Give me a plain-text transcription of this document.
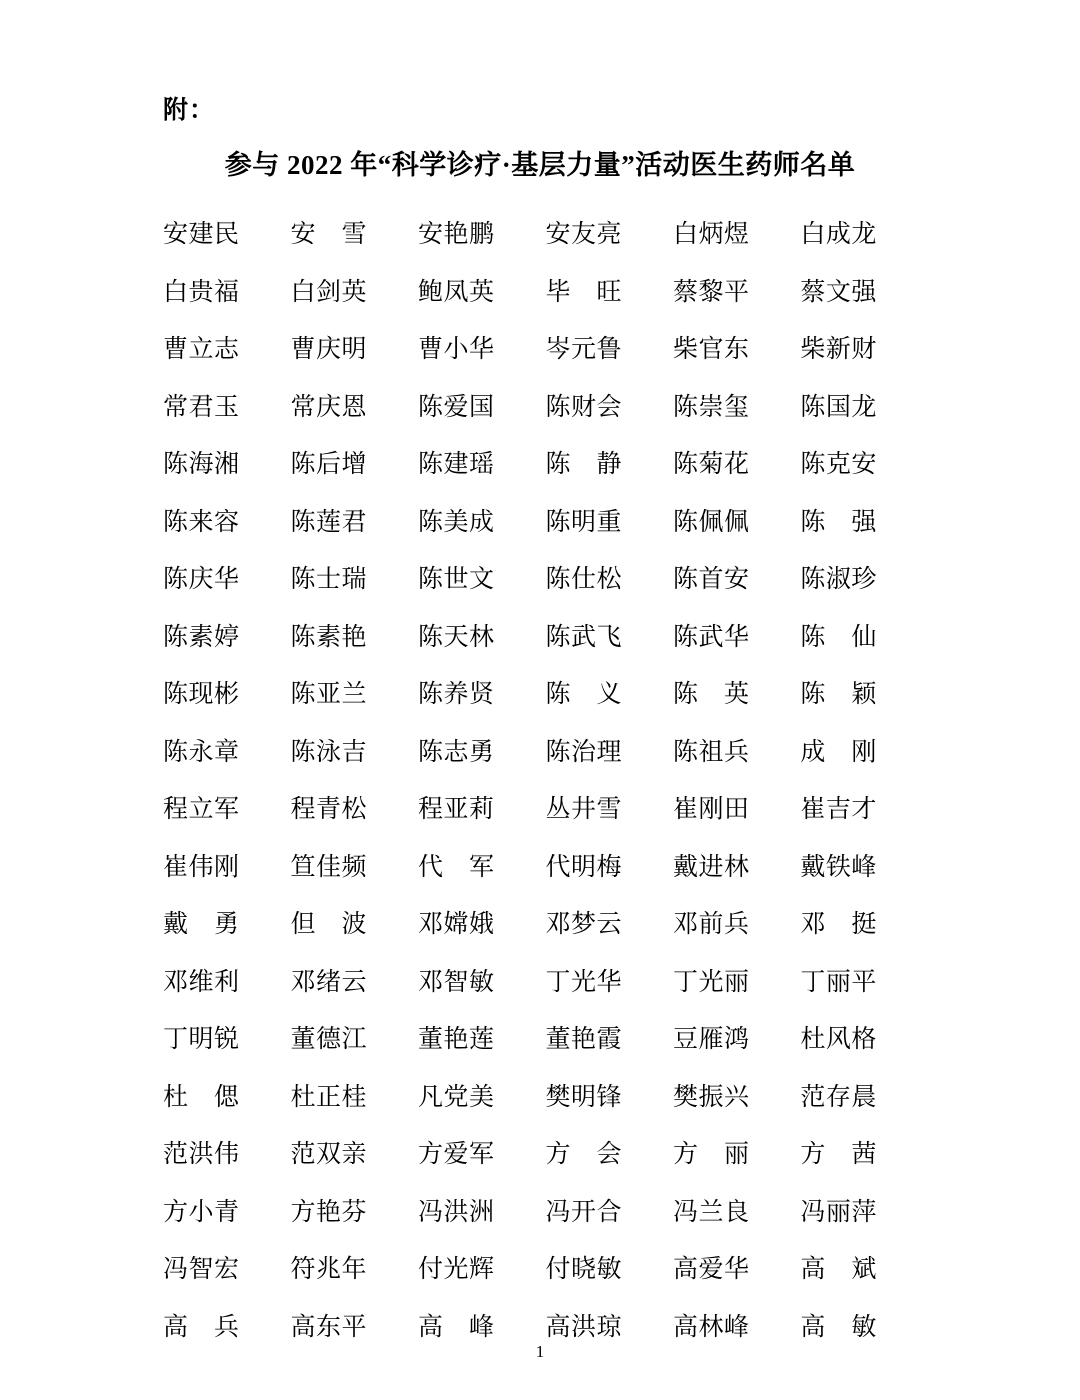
附：
参与 2022 年“科学诊疗·基层力量”活动医生药师名单
安建民 安　雪 安艳鹏 安友亮 白炳煜 白成龙
白贵福 白剑英 鲍凤英 毕　旺 蔡黎平 蔡文强
曹立志 曹庆明 曹小华 岑元鲁 柴官东 柴新财
常君玉 常庆恩 陈爱国 陈财会 陈崇玺 陈国龙
陈海湘 陈后增 陈建瑶 陈　静 陈菊花 陈克安
陈来容 陈莲君 陈美成 陈明重 陈佩佩 陈　强
陈庆华 陈士瑞 陈世文 陈仕松 陈首安 陈淑珍
陈素婷 陈素艳 陈天林 陈武飞 陈武华 陈　仙
陈现彬 陈亚兰 陈养贤 陈　义 陈　英 陈　颖
陈永章 陈泳吉 陈志勇 陈治理 陈祖兵 成　刚
程立军 程青松 程亚莉 丛井雪 崔刚田 崔吉才
崔伟刚 笪佳频 代　军 代明梅 戴进林 戴铁峰
戴　勇 但　波 邓嫦娥 邓梦云 邓前兵 邓　挺
邓维利 邓绪云 邓智敏 丁光华 丁光丽 丁丽平
丁明锐 董德江 董艳莲 董艳霞 豆雁鸿 杜风格
杜　偲 杜正桂 凡党美 樊明锋 樊振兴 范存晨
范洪伟 范双亲 方爱军 方　会 方　丽 方　茜
方小青 方艳芬 冯洪洲 冯开合 冯兰良 冯丽萍
冯智宏 符兆年 付光辉 付晓敏 高爱华 高　斌
高　兵 高东平 高　峰 高洪琼 高林峰 高　敏
1
